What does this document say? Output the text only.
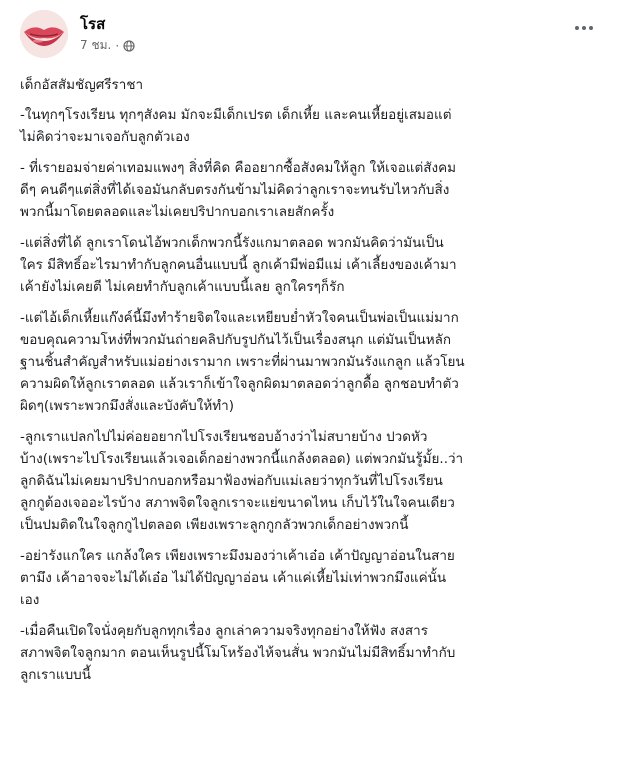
โรส
7 ชม. ·

เด็กอัสสัมชัญศรีราชา

-ในทุกๆโรงเรียน ทุกๆสังคม มักจะมีเด็กเปรต เด็กเหี้ย และคนเหี้ยอยู่เสมอแต่
ไม่คิดว่าจะมาเจอกับลูกตัวเอง

- ที่เรายอมจ่ายค่าเทอมแพงๆ สิ่งที่คิด คืออยากซื้อสังคมให้ลูก ให้เจอแต่สังคม
ดีๆ คนดีๆแต่สิ่งที่ได้เจอมันกลับตรงกันข้ามไม่คิดว่าลูกเราจะทนรับไหวกับสิ่ง
พวกนี้มาโดยตลอดและไม่เคยปริปากบอกเราเลยสักครั้ง

-แต่สิ่งที่ได้ ลูกเราโดนไอ้พวกเด็กพวกนี้รังแกมาตลอด พวกมันคิดว่ามันเป็น
ใคร มีสิทธิ์อะไรมาทำกับลูกคนอื่นแบบนี้ ลูกเค้ามีพ่อมีแม่ เค้าเลี้ยงของเค้ามา
เค้ายังไม่เคยตี ไม่เคยทำกับลูกเค้าแบบนี้เลย ลูกใครๆก็รัก

-แต่ไอ้เด็กเหี้ยแก๊งค์นี้มึงทำร้ายจิตใจและเหยียบย่ำหัวใจคนเป็นพ่อเป็นแม่มาก
ขอบคุณความโหง่ที่พวกมันถ่ายคลิปกับรูปกันไว้เป็นเรื่องสนุก แต่มันเป็นหลัก
ฐานชิ้นสำคัญสำหรับแม่อย่างเรามาก เพราะที่ผ่านมาพวกมันรังแกลูก แล้วโยน
ความผิดให้ลูกเราตลอด แล้วเราก็เข้าใจลูกผิดมาตลอดว่าลูกดื้อ ลูกชอบทำตัว
ผิดๆ(เพราะพวกมึงสั่งและบังคับให้ทำ)

-ลูกเราแปลกไปไม่ค่อยอยากไปโรงเรียนชอบอ้างว่าไม่สบายบ้าง ปวดหัว
บ้าง(เพราะไปโรงเรียนแล้วเจอเด็กอย่างพวกนี้แกล้งตลอด) แต่พวกมันรู้มั้ย..ว่า
ลูกดิฉันไม่เคยมาปริปากบอกหรือมาฟ้องพ่อกับแม่เลยว่าทุกวันที่ไปโรงเรียน
ลูกกูต้องเจออะไรบ้าง สภาพจิตใจลูกเราจะแย่ขนาดไหน เก็บไว้ในใจคนเดียว
เป็นปมติดในใจลูกกูไปตลอด เพียงเพราะลูกกูกลัวพวกเด็กอย่างพวกนี้

-อย่ารังแกใคร แกล้งใคร เพียงเพราะมึงมองว่าเค้าเอ๋อ เค้าปัญญาอ่อนในสาย
ตามึง เค้าอาจจะไม่ได้เอ๋อ ไม่ได้ปัญญาอ่อน เค้าแค่เหี้ยไม่เท่าพวกมึงแค่นั้น
เอง

-เมื่อคืนเปิดใจนั่งคุยกับลูกทุกเรื่อง ลูกเล่าความจริงทุกอย่างให้ฟัง สงสาร
สภาพจิตใจลูกมาก ตอนเห็นรูปนี้โมโหร้องไห้จนสั่น พวกมันไม่มีสิทธิ์มาทำกับ
ลูกเราแบบนี้
